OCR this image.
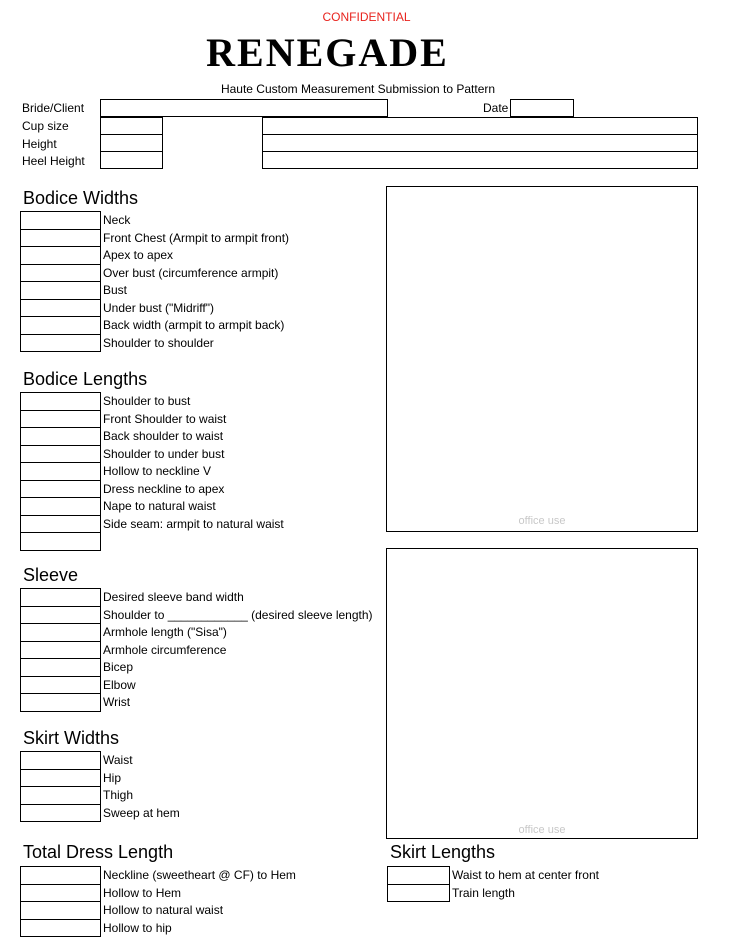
CONFIDENTIAL
RENEGADE
Haute Custom Measurement Submission to Pattern
Bride/Client	Date
Cup size
Height
Heel Height
office use
office use
Bodice Widths
Neck
Front Chest (Armpit to armpit front)
Apex to apex
Over bust (circumference armpit)
Bust
Under bust ("Midriff")
Back width (armpit to armpit back)
Shoulder to shoulder
Bodice Lengths
Shoulder to bust
Front Shoulder to waist
Back shoulder to waist
Shoulder to under bust
Hollow to neckline V
Dress neckline to apex
Nape to natural waist
Side seam: armpit to natural waist
Sleeve
Desired sleeve band width
Shoulder to ____________ (desired sleeve length)
Armhole length ("Sisa")
Armhole circumference
Bicep
Elbow
Wrist
Skirt Widths
Waist
Hip
Thigh
Sweep at hem
Total Dress Length
Neckline (sweetheart @ CF) to Hem
Hollow to Hem
Hollow to natural waist
Hollow to hip
Skirt Lengths
Waist to hem at center front
Train length
